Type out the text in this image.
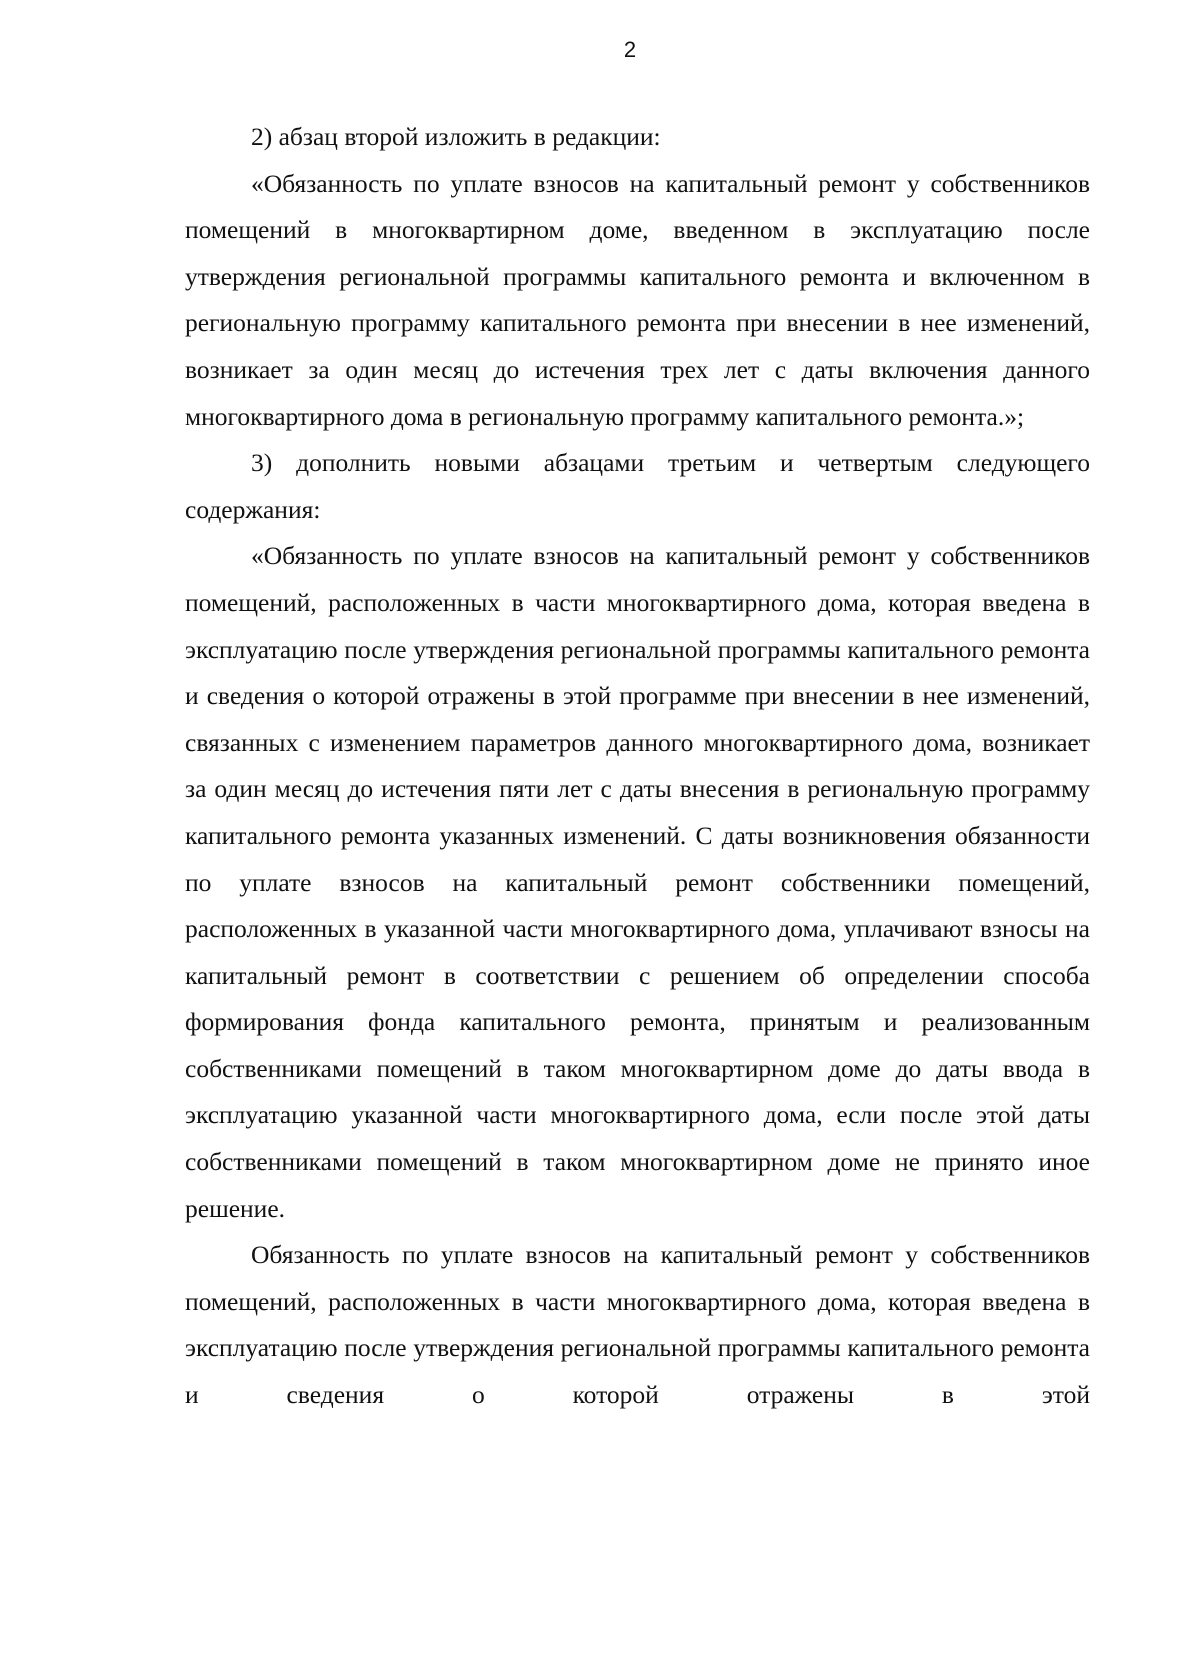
2

2) абзац второй изложить в редакции:

«Обязанность по уплате взносов на капитальный ремонт у собственников помещений в многоквартирном доме, введенном в эксплуатацию после утверждения региональной программы капитального ремонта и включенном в региональную программу капитального ремонта при внесении в нее изменений, возникает за один месяц до истечения трех лет с даты включения данного многоквартирного дома в региональную программу капитального ремонта.»;

3) дополнить новыми абзацами третьим и четвертым следующего содержания:

«Обязанность по уплате взносов на капитальный ремонт у собственников помещений, расположенных в части многоквартирного дома, которая введена в эксплуатацию после утверждения региональной программы капитального ремонта и сведения о которой отражены в этой программе при внесении в нее изменений, связанных с изменением параметров данного многоквартирного дома, возникает за один месяц до истечения пяти лет с даты внесения в региональную программу капитального ремонта указанных изменений. С даты возникновения обязанности по уплате взносов на капитальный ремонт собственники помещений, расположенных в указанной части многоквартирного дома, уплачивают взносы на капитальный ремонт в соответствии с решением об определении способа формирования фонда капитального ремонта, принятым и реализованным собственниками помещений в таком многоквартирном доме до даты ввода в эксплуатацию указанной части многоквартирного дома, если после этой даты собственниками помещений в таком многоквартирном доме не принято иное решение.

Обязанность по уплате взносов на капитальный ремонт у собственников помещений, расположенных в части многоквартирного дома, которая введена в эксплуатацию после утверждения региональной программы капитального ремонта и сведения о которой отражены в этой
